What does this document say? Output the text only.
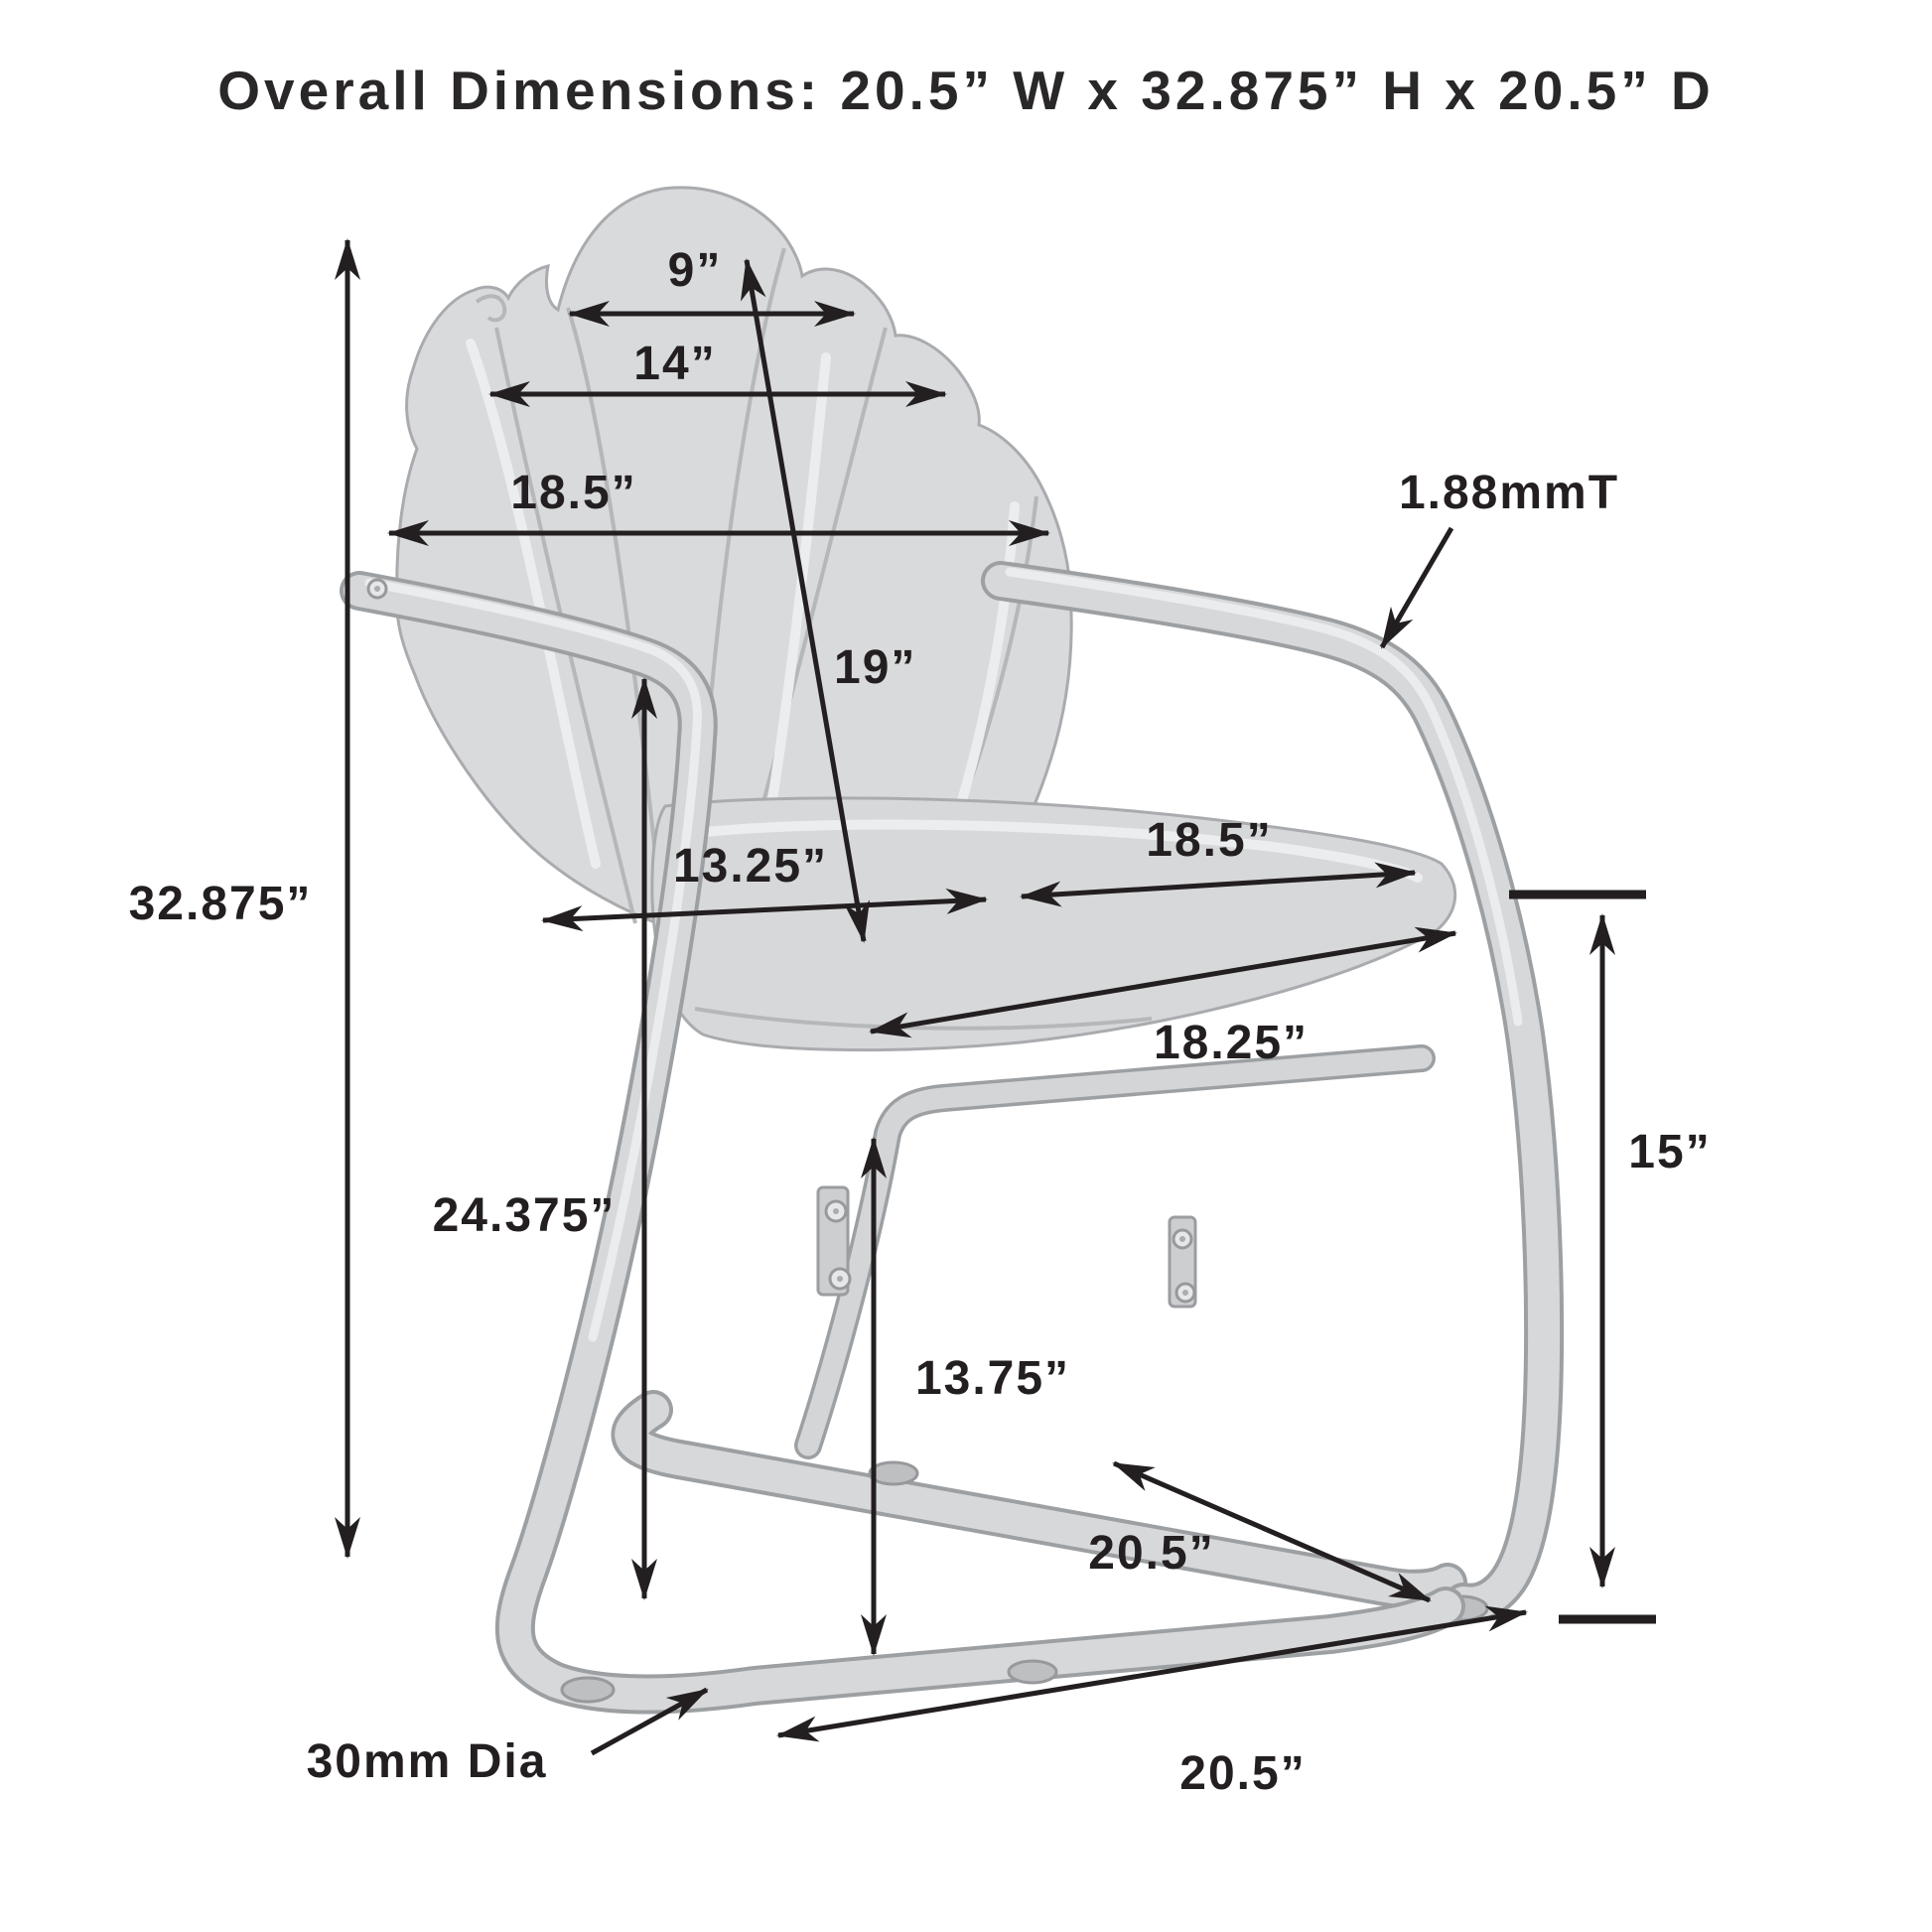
Overall Dimensions: 20.5” W x 32.875” H x 20.5” D
9”
14”
18.5”
19”
1.88mmT
13.25”	18.5”
18.25”
32.875”
24.375”
13.75”
15”
20.5”
20.5”
30mm Dia
